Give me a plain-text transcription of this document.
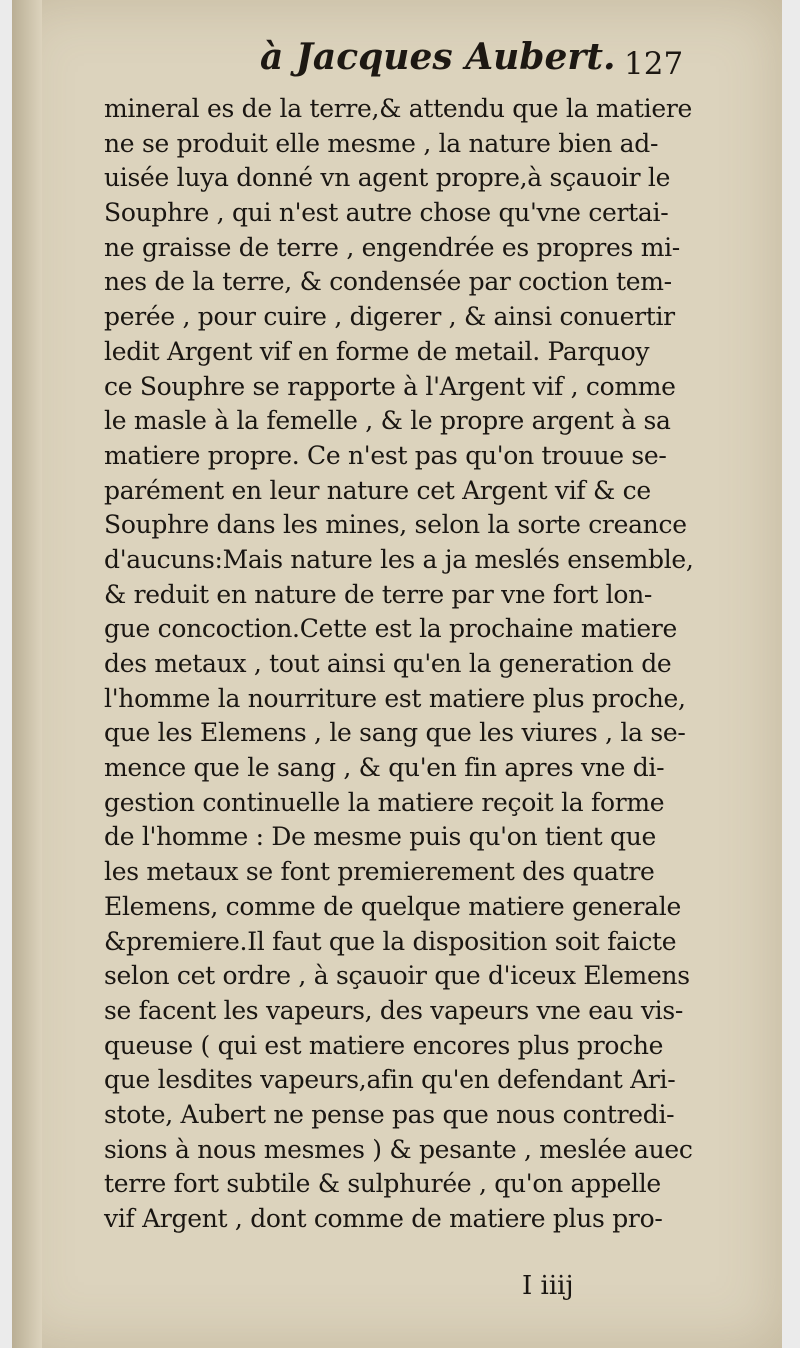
à Jacques Aubert. 127
mineral es de la terre,& attendu que la matiere
ne se produit elle mesme , la nature bien ad-
uisée luya donné vn agent propre,à sçauoir le
Souphre , qui n'est autre chose qu'vne certai-
ne graisse de terre , engendrée es propres mi-
nes de la terre, & condensée par coction tem-
perée , pour cuire , digerer , & ainsi conuertir
ledit Argent vif en forme de metail. Parquoy
ce Souphre se rapporte à l'Argent vif , comme
le masle à la femelle , & le propre argent à sa
matiere propre. Ce n'est pas qu'on trouue se-
parément en leur nature cet Argent vif & ce
Souphre dans les mines, selon la sorte creance
d'aucuns:Mais nature les a ja meslés ensemble,
& reduit en nature de terre par vne fort lon-
gue concoction.Cette est la prochaine matiere
des metaux , tout ainsi qu'en la generation de
l'homme la nourriture est matiere plus proche,
que les Elemens , le sang que les viures , la se-
mence que le sang , & qu'en fin apres vne di-
gestion continuelle la matiere reçoit la forme
de l'homme : De mesme puis qu'on tient que
les metaux se font premierement des quatre
Elemens, comme de quelque matiere generale
&premiere.Il faut que la disposition soit faicte
selon cet ordre , à sçauoir que d'iceux Elemens
se facent les vapeurs, des vapeurs vne eau vis-
queuse ( qui est matiere encores plus proche
que lesdites vapeurs,afin qu'en defendant Ari-
stote, Aubert ne pense pas que nous contredi-
sions à nous mesmes ) & pesante , meslée auec
terre fort subtile & sulphurée , qu'on appelle
vif Argent , dont comme de matiere plus pro-
I iiij
